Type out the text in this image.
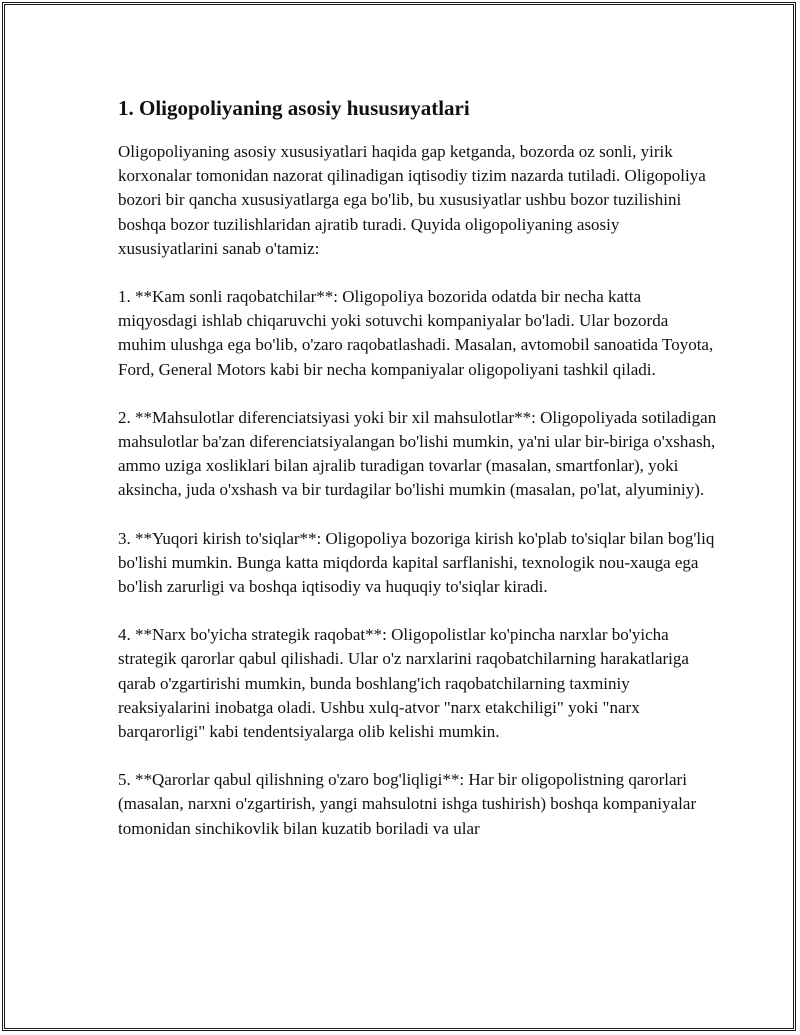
1. Oligopoliyaning asosiy hususиyatlari

Oligopoliyaning asosiy xususiyatlari haqida gap ketganda, bozorda oz sonli, yirik korxonalar tomonidan nazorat qilinadigan iqtisodiy tizim nazarda tutiladi. Oligopoliya bozori bir qancha xususiyatlarga ega bo'lib, bu xususiyatlar ushbu bozor tuzilishini boshqa bozor tuzilishlaridan ajratib turadi. Quyida oligopoliyaning asosiy xususiyatlarini sanab o'tamiz:

1. **Kam sonli raqobatchilar**: Oligopoliya bozorida odatda bir necha katta miqyosdagi ishlab chiqaruvchi yoki sotuvchi kompaniyalar bo'ladi. Ular bozorda muhim ulushga ega bo'lib, o'zaro raqobatlashadi. Masalan, avtomobil sanoatida Toyota, Ford, General Motors kabi bir necha kompaniyalar oligopoliyani tashkil qiladi.

2. **Mahsulotlar diferenciatsiyasi yoki bir xil mahsulotlar**: Oligopoliyada sotiladigan mahsulotlar ba'zan diferenciatsiyalangan bo'lishi mumkin, ya'ni ular bir-biriga o'xshash, ammo uziga xosliklari bilan ajralib turadigan tovarlar (masalan, smartfonlar), yoki aksincha, juda o'xshash va bir turdagilar bo'lishi mumkin (masalan, po'lat, alyuminiy).

3. **Yuqori kirish to'siqlar**: Oligopoliya bozoriga kirish ko'plab to'siqlar bilan bog'liq bo'lishi mumkin. Bunga katta miqdorda kapital sarflanishi, texnologik nou-xauga ega bo'lish zarurligi va boshqa iqtisodiy va huquqiy to'siqlar kiradi.

4. **Narx bo'yicha strategik raqobat**: Oligopolistlar ko'pincha narxlar bo'yicha strategik qarorlar qabul qilishadi. Ular o'z narxlarini raqobatchilarning harakatlariga qarab o'zgartirishi mumkin, bunda boshlang'ich raqobatchilarning taxminiy reaksiyalarini inobatga oladi. Ushbu xulq-atvor "narx etakchiligi" yoki "narx barqarorligi" kabi tendentsiyalarga olib kelishi mumkin.

5. **Qarorlar qabul qilishning o'zaro bog'liqligi**: Har bir oligopolistning qarorlari (masalan, narxni o'zgartirish, yangi mahsulotni ishga tushirish) boshqa kompaniyalar tomonidan sinchikovlik bilan kuzatib boriladi va ular
